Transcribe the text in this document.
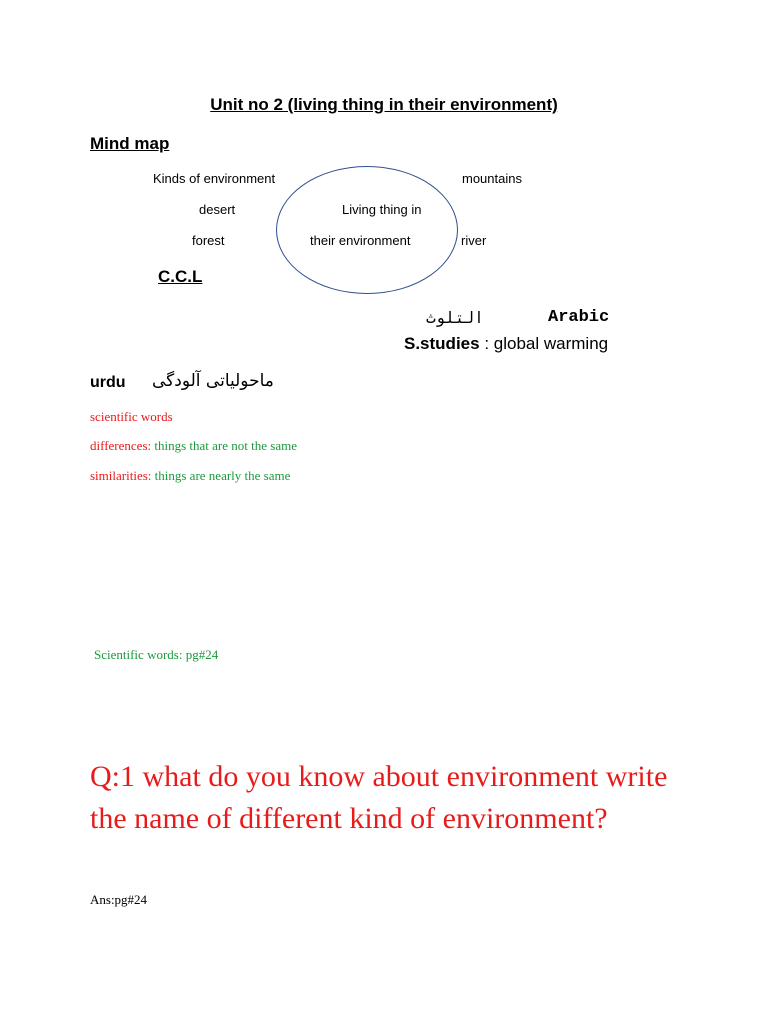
Unit no 2 (living thing in their environment)
Mind map
Kinds of environment	mountains
desert	Living thing in
forest	their environment	river
C.C.L
التلوث	Arabic
S.studies : global warming
urdu ماحولیاتی آلودگی
scientific words
differences: things that are not the same
similarities: things are nearly the same
Scientific words: pg#24
Q:1 what do you know about environment write the name of different kind of environment?
Ans:pg#24
